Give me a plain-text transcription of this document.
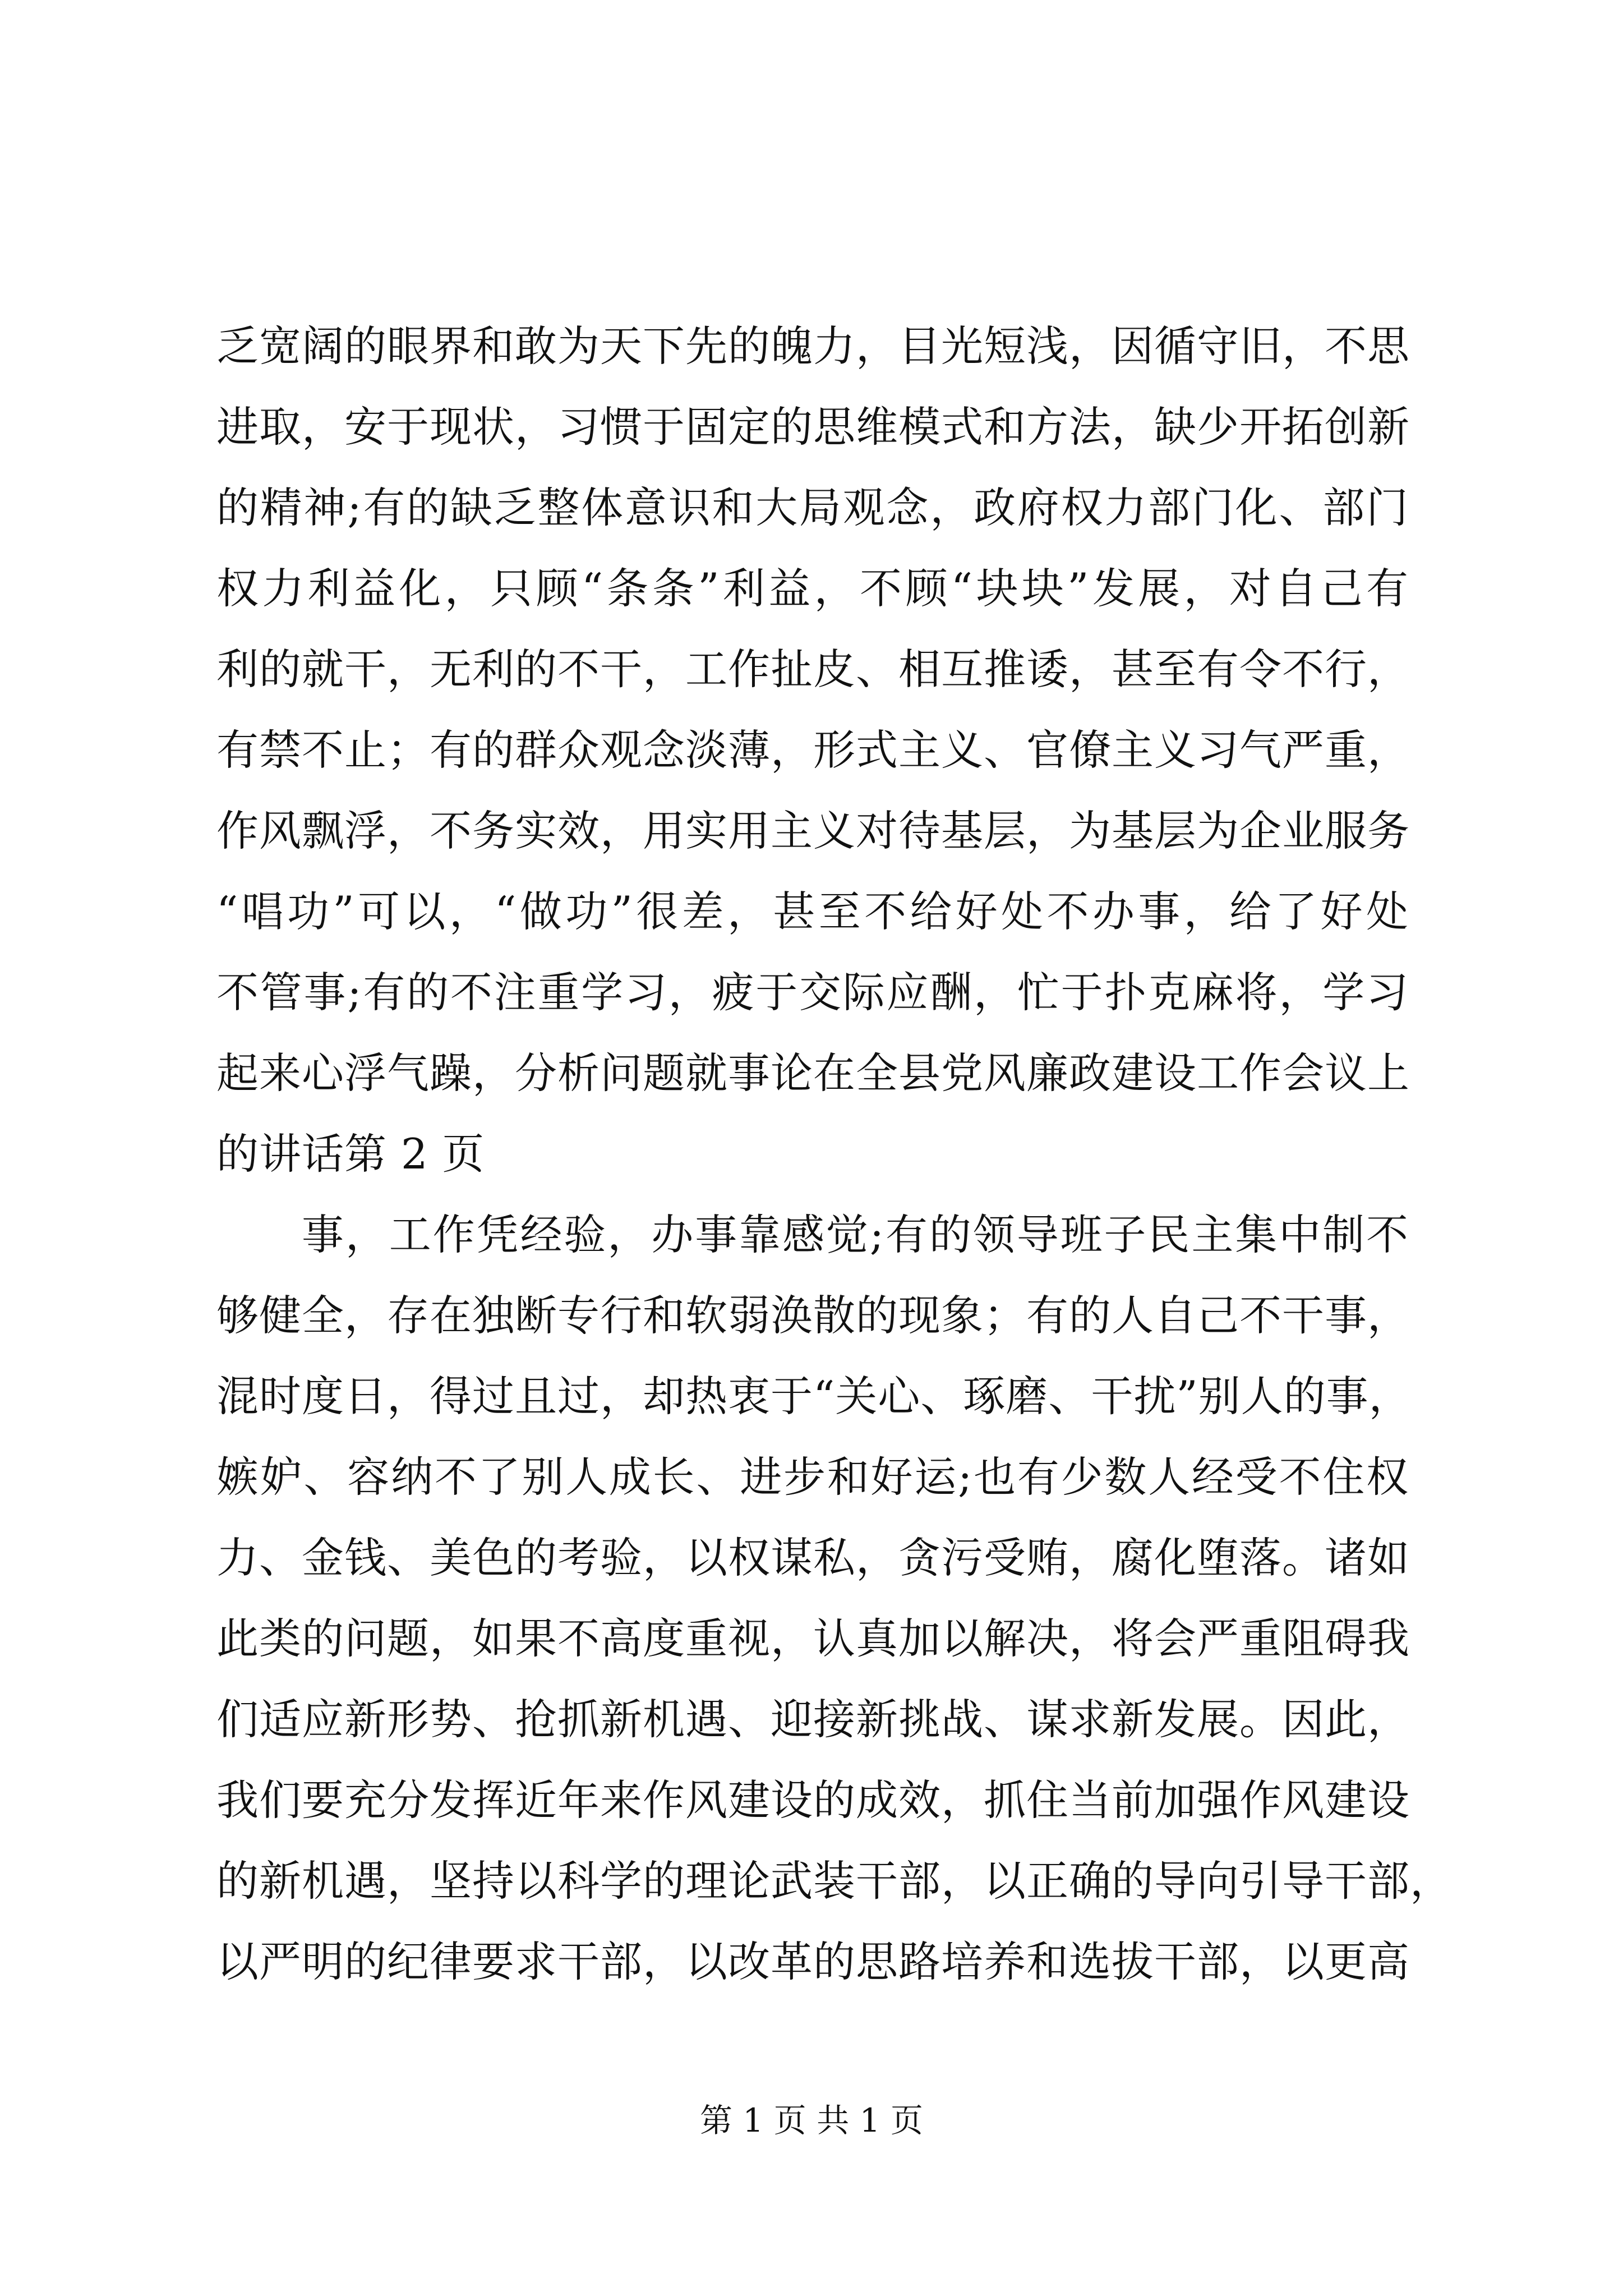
乏宽阔的眼界和敢为天下先的魄力，目光短浅，因循守旧，不思
进取，安于现状，习惯于固定的思维模式和方法，缺少开拓创新
的精神;有的缺乏整体意识和大局观念，政府权力部门化、部门
权力利益化，只顾“条条”利益，不顾“块块”发展，对自己有
利的就干，无利的不干，工作扯皮、相互推诿，甚至有令不行，
有禁不止；有的群众观念淡薄，形式主义、官僚主义习气严重，
作风飘浮，不务实效，用实用主义对待基层，为基层为企业服务
“唱功”可以，“做功”很差，甚至不给好处不办事，给了好处
不管事;有的不注重学习，疲于交际应酬，忙于扑克麻将，学习
起来心浮气躁，分析问题就事论在全县党风廉政建设工作会议上
的讲话第 2 页
事，工作凭经验，办事靠感觉;有的领导班子民主集中制不
够健全，存在独断专行和软弱涣散的现象；有的人自己不干事，
混时度日，得过且过，却热衷于“关心、琢磨、干扰”别人的事，
嫉妒、容纳不了别人成长、进步和好运;也有少数人经受不住权
力、金钱、美色的考验，以权谋私，贪污受贿，腐化堕落。诸如
此类的问题，如果不高度重视，认真加以解决，将会严重阻碍我
们适应新形势、抢抓新机遇、迎接新挑战、谋求新发展。因此，
我们要充分发挥近年来作风建设的成效，抓住当前加强作风建设
的新机遇，坚持以科学的理论武装干部，以正确的导向引导干部，
以严明的纪律要求干部，以改革的思路培养和选拔干部，以更高
第 1 页 共 1 页
